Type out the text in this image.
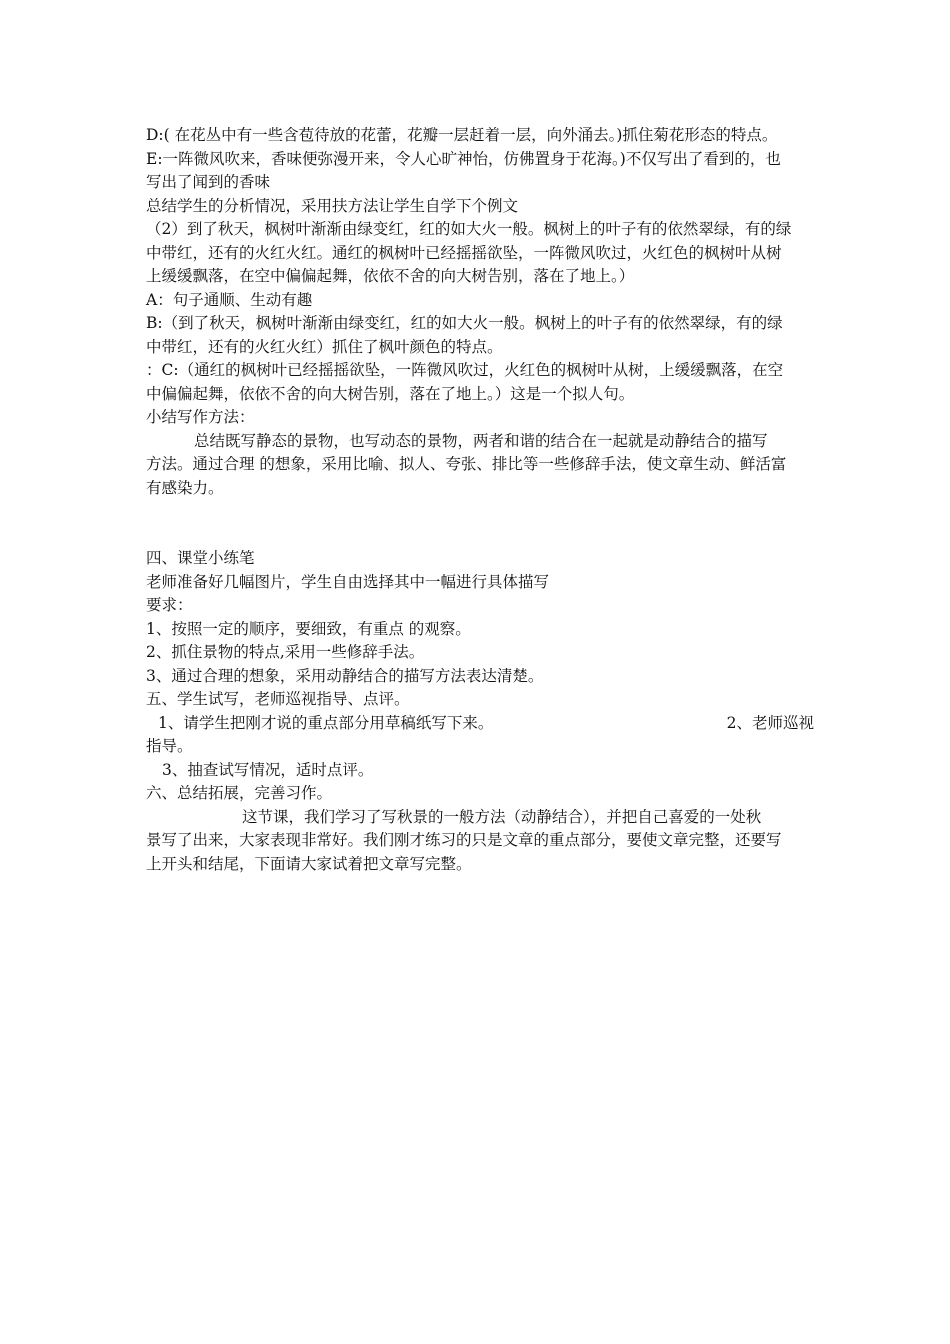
D:( 在花丛中有一些含苞待放的花蕾，花瓣一层赶着一层，向外涌去。)抓住菊花形态的特点。
E:一阵微风吹来，香味便弥漫开来，令人心旷神怡，仿佛置身于花海。)不仅写出了看到的，也
写出了闻到的香味
总结学生的分析情况，采用扶方法让学生自学下个例文
（2）到了秋天，枫树叶渐渐由绿变红，红的如大火一般。枫树上的叶子有的依然翠绿，有的绿
中带红，还有的火红火红。通红的枫树叶已经摇摇欲坠，一阵微风吹过，火红色的枫树叶从树
上缓缓飘落，在空中偏偏起舞，依依不舍的向大树告别，落在了地上。）
A：句子通顺、生动有趣
B:（到了秋天，枫树叶渐渐由绿变红，红的如大火一般。枫树上的叶子有的依然翠绿，有的绿
中带红，还有的火红火红）抓住了枫叶颜色的特点。
：C:（通红的枫树叶已经摇摇欲坠，一阵微风吹过，火红色的枫树叶从树，上缓缓飘落，在空
中偏偏起舞，依依不舍的向大树告别，落在了地上。）这是一个拟人句。
小结写作方法：
总结既写静态的景物，也写动态的景物，两者和谐的结合在一起就是动静结合的描写
方法。通过合理 的想象，采用比喻、拟人、夸张、排比等一些修辞手法，使文章生动、鲜活富
有感染力。
四、课堂小练笔
老师准备好几幅图片，学生自由选择其中一幅进行具体描写
要求：
1、按照一定的顺序，要细致，有重点 的观察。
2、抓住景物的特点,采用一些修辞手法。
3、通过合理的想象，采用动静结合的描写方法表达清楚。
五、学生试写，老师巡视指导、点评。
1、请学生把刚才说的重点部分用草稿纸写下来。	2、老师巡视
指导。
3、抽查试写情况，适时点评。
六、总结拓展，完善习作。
这节课，我们学习了写秋景的一般方法（动静结合），并把自己喜爱的一处秋
景写了出来，大家表现非常好。我们刚才练习的只是文章的重点部分，要使文章完整，还要写
上开头和结尾，下面请大家试着把文章写完整。
